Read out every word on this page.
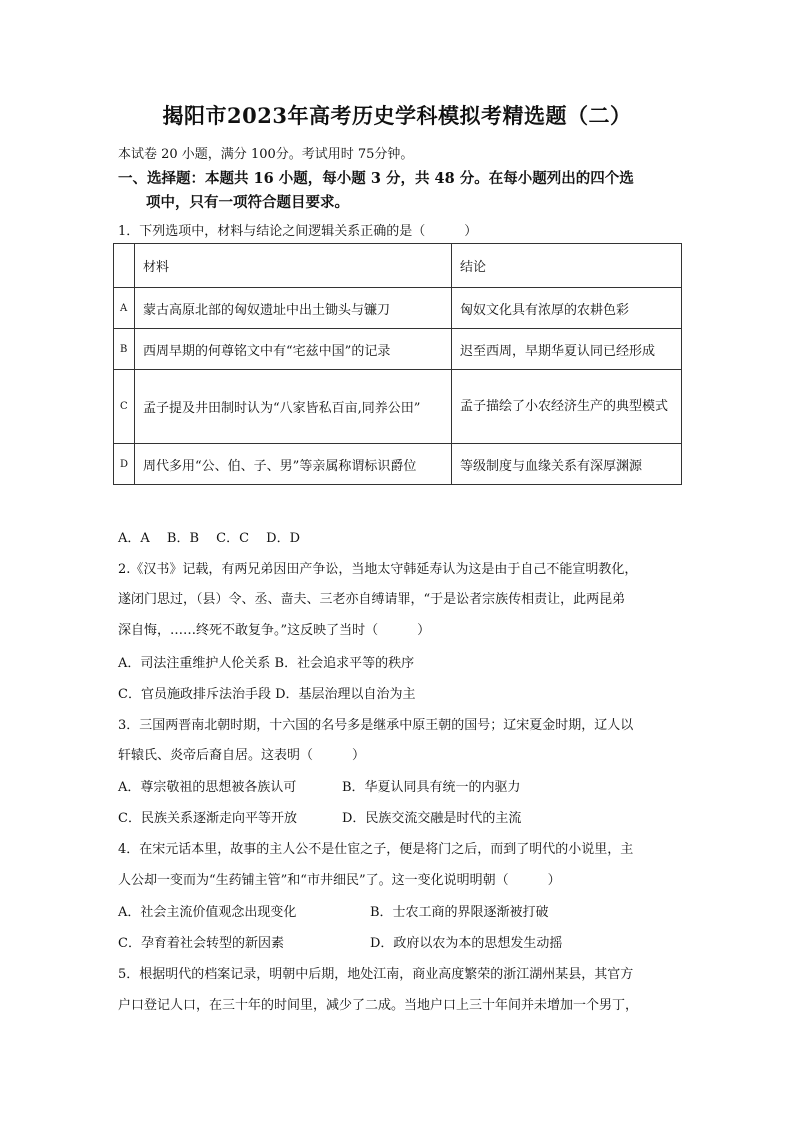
揭阳市2023年高考历史学科模拟考精选题（二）
本试卷 20 小题，满分 100分。考试用时 75分钟。
一、选择题：本题共 16 小题，每小题 3 分，共 48 分。在每小题列出的四个选
项中，只有一项符合题目要求。
1．下列选项中，材料与结论之间逻辑关系正确的是（　　　）
	材料	结论
A	蒙古高原北部的匈奴遗址中出土锄头与镰刀	匈奴文化具有浓厚的农耕色彩
B	西周早期的何尊铭文中有“宅兹中国”的记录	迟至西周，早期华夏认同已经形成
C	孟子提及井田制时认为“八家皆私百亩,同养公田”	孟子描绘了小农经济生产的典型模式
D	周代多用“公、伯、子、男”等亲属称谓标识爵位	等级制度与血缘关系有深厚渊源
A．A　 B．B　 C．C　 D．D
2.《汉书》记载，有两兄弟因田产争讼，当地太守韩延寿认为这是由于自己不能宣明教化，
遂闭门思过，（县）令、丞、啬夫、三老亦自缚请罪，“于是讼者宗族传相责让，此两昆弟
深自悔，……终死不敢复争。”这反映了当时（　　　）
A．司法注重维护人伦关系 B．社会追求平等的秩序
C．官员施政排斥法治手段 D．基层治理以自治为主
3．三国两晋南北朝时期，十六国的名号多是继承中原王朝的国号；辽宋夏金时期，辽人以
轩辕氏、炎帝后裔自居。这表明（　　　）
A．尊宗敬祖的思想被各族认可	B．华夏认同具有统一的内驱力
C．民族关系逐渐走向平等开放	D．民族交流交融是时代的主流
4．在宋元话本里，故事的主人公不是仕宦之子，便是将门之后，而到了明代的小说里，主
人公却一变而为“生药铺主管”和“市井细民”了。这一变化说明明朝（　　　）
A．社会主流价值观念出现变化	B．士农工商的界限逐渐被打破
C．孕育着社会转型的新因素	D．政府以农为本的思想发生动摇
5．根据明代的档案记录，明朝中后期，地处江南，商业高度繁荣的浙江湖州某县，其官方
户口登记人口，在三十年的时间里，减少了二成。当地户口上三十年间并未增加一个男丁，
